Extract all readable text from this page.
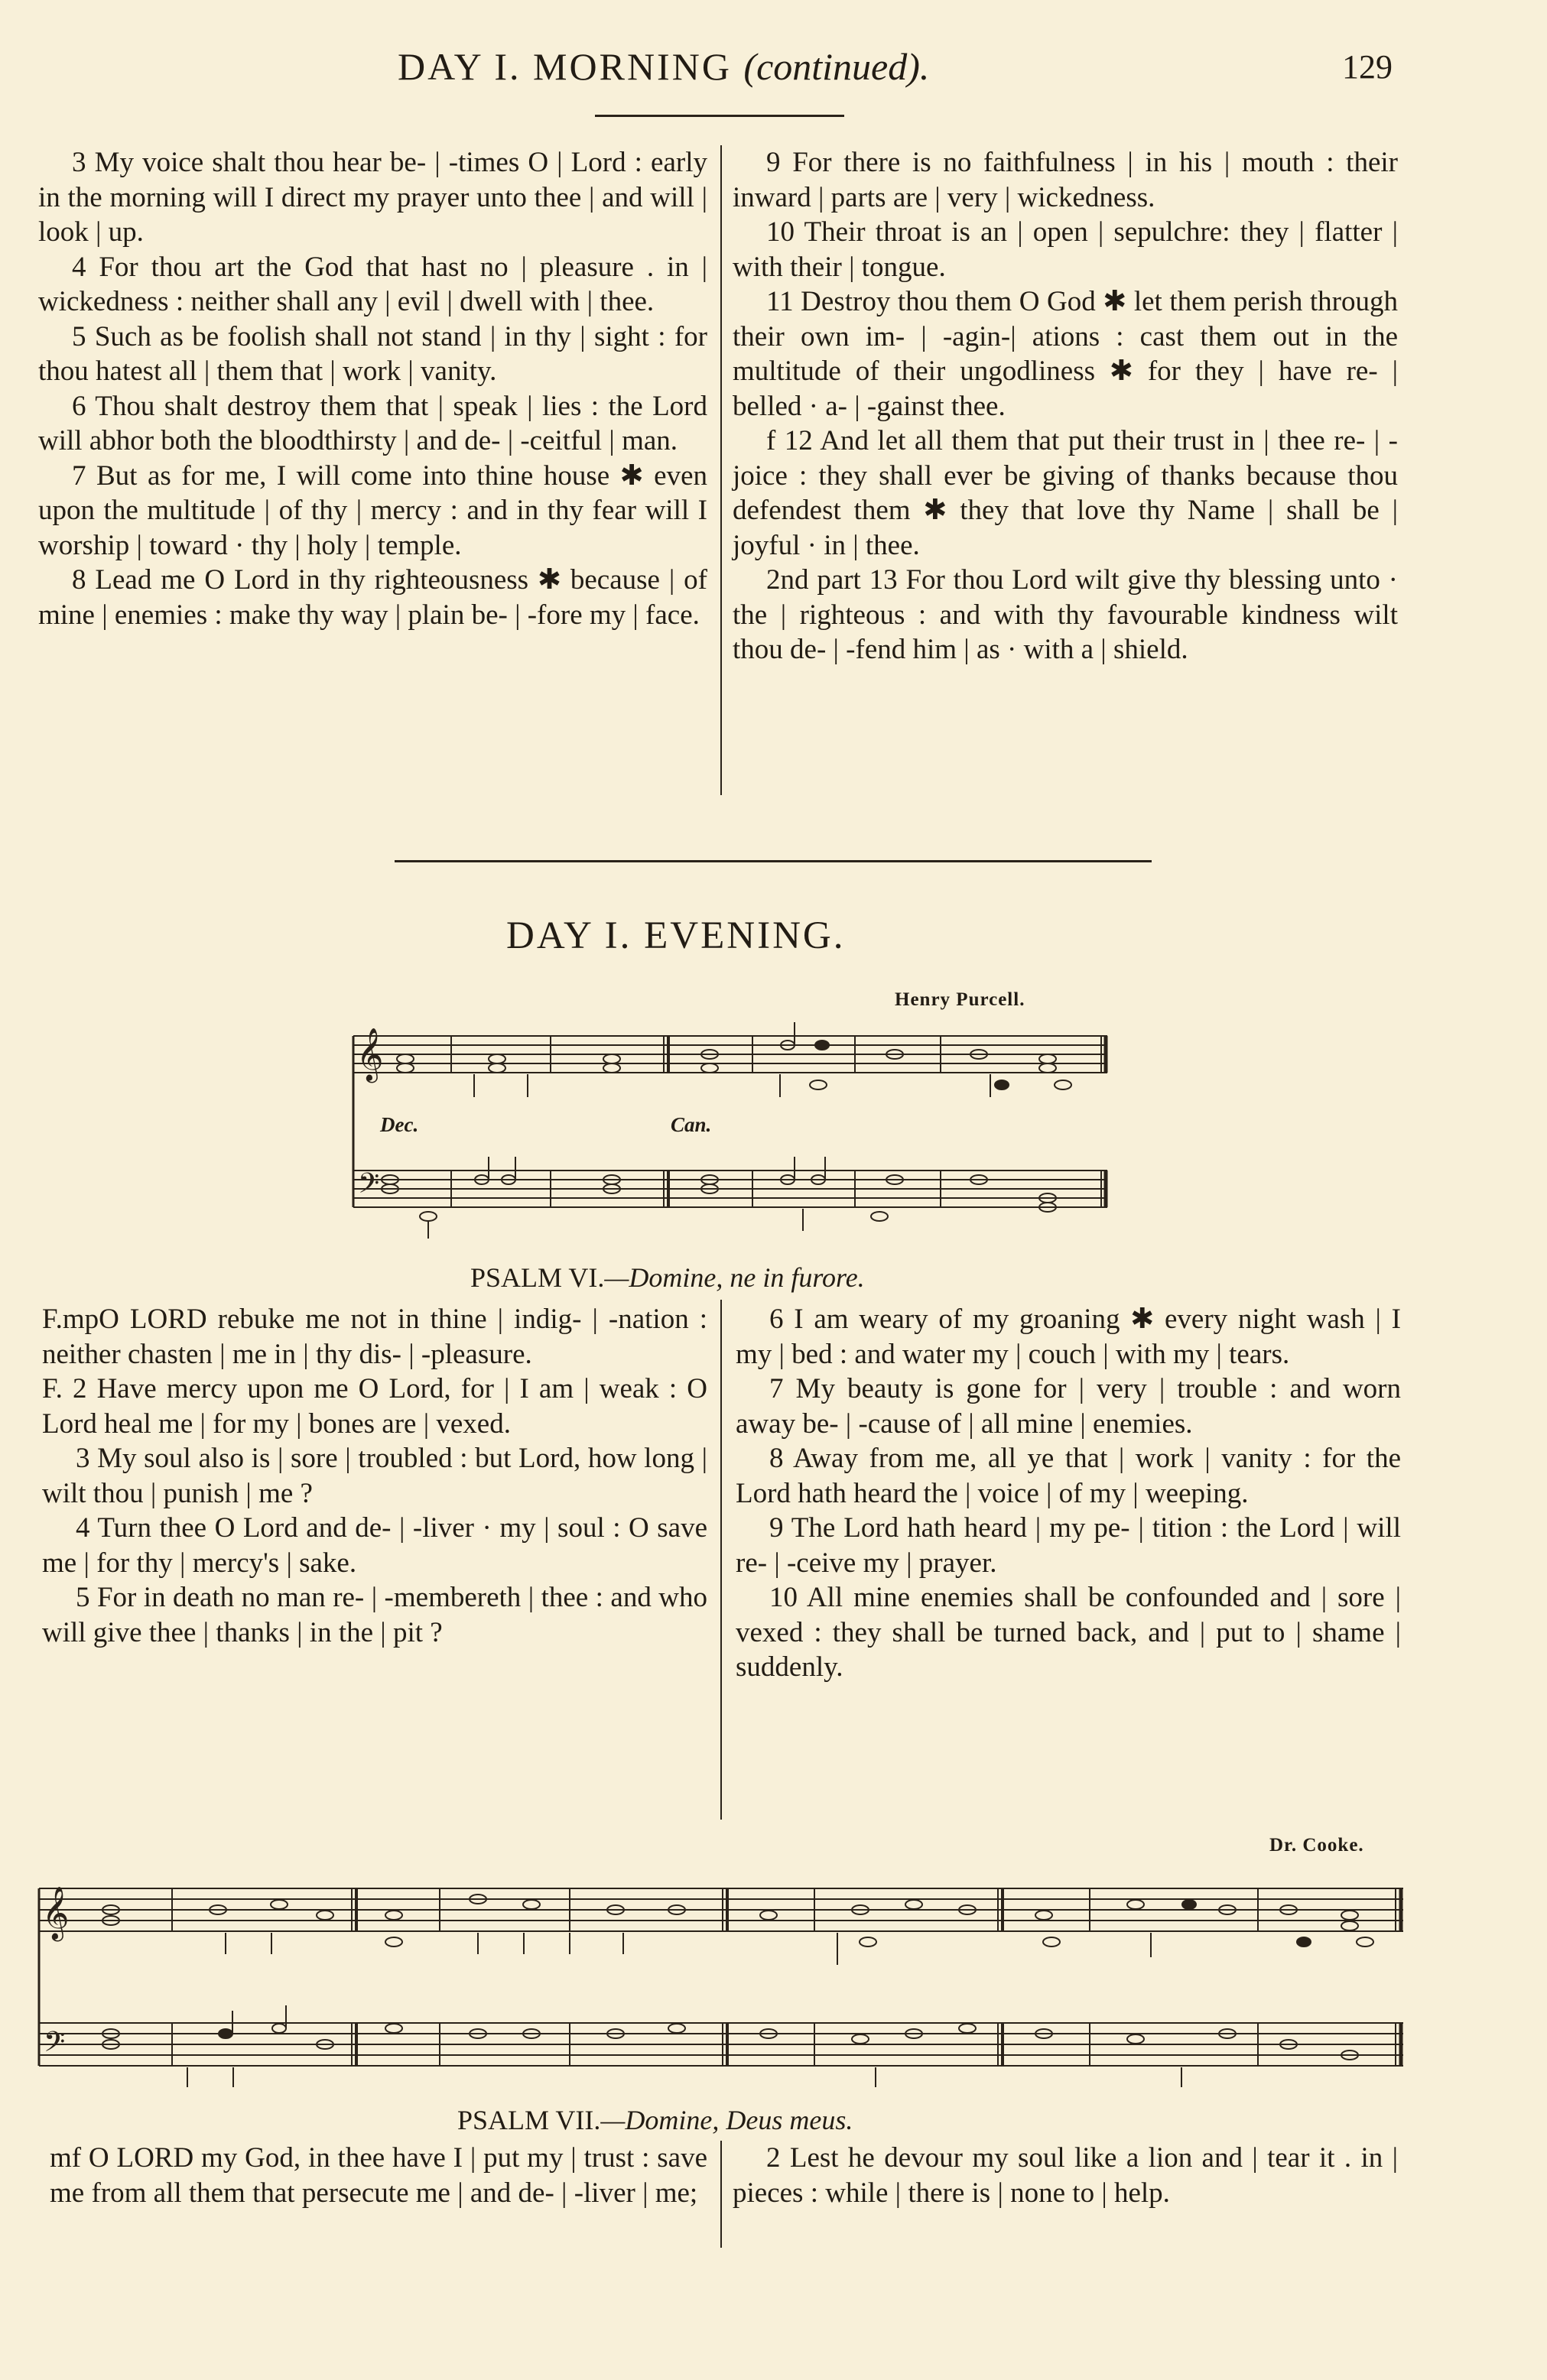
DAY I. MORNING (continued).	129

3 My voice shalt thou hear be- | -times O | Lord : early in the morning will I direct my prayer unto thee | and will | look | up.

4 For thou art the God that hast no | pleasure . in | wickedness : neither shall any | evil | dwell with | thee.

5 Such as be foolish shall not stand | in thy | sight : for thou hatest all | them that | work | vanity.

6 Thou shalt destroy them that | speak | lies : the Lord will abhor both the bloodthirsty | and de- | -ceitful | man.

7 But as for me, I will come into thine house ✱ even upon the multitude | of thy | mercy : and in thy fear will I worship | toward · thy | holy | temple.

8 Lead me O Lord in thy righteousness ✱ because | of mine | enemies : make thy way | plain be- | -fore my | face.

9 For there is no faithfulness | in his | mouth : their inward | parts are | very | wickedness.

10 Their throat is an | open | sepulchre: they | flatter | with their | tongue.

11 Destroy thou them O God ✱ let them perish through their own im- | -agin-| ations : cast them out in the multitude of their ungodliness ✱ for they | have re- | belled · a- | -gainst thee.

f 12 And let all them that put their trust in | thee re- | -joice : they shall ever be giving of thanks because thou defendest them ✱ they that love thy Name | shall be | joyful · in | thee.

2nd part 13 For thou Lord wilt give thy blessing unto · the | righteous : and with thy favourable kindness wilt thou de- | -fend him | as · with a | shield.

DAY I. EVENING.
Henry Purcell.
𝄞
𝄢
Dec.	Can.
PSALM VI.—Domine, ne in furore.

F.mpO LORD rebuke me not in thine | indig- | -nation : neither chasten | me in | thy dis- | -pleasure.

F. 2 Have mercy upon me O Lord, for | I am | weak : O Lord heal me | for my | bones are | vexed.

3 My soul also is | sore | troubled : but Lord, how long | wilt thou | punish | me ?

4 Turn thee O Lord and de- | -liver · my | soul : O save me | for thy | mercy's | sake.

5 For in death no man re- | -membereth | thee : and who will give thee | thanks | in the | pit ?

6 I am weary of my groaning ✱ every night wash | I my | bed : and water my | couch | with my | tears.

7 My beauty is gone for | very | trouble : and worn away be- | -cause of | all mine | enemies.

8 Away from me, all ye that | work | vanity : for the Lord hath heard the | voice | of my | weeping.

9 The Lord hath heard | my pe- | tition : the Lord | will re- | -ceive my | prayer.

10 All mine enemies shall be confounded and | sore | vexed : they shall be turned back, and | put to | shame | suddenly.

Dr. Cooke.
𝄞
𝄢
PSALM VII.—Domine, Deus meus.

mf O LORD my God, in thee have I | put my | trust : save me from all them that persecute me | and de- | -liver | me;

2 Lest he devour my soul like a lion and | tear it . in | pieces : while | there is | none to | help.
